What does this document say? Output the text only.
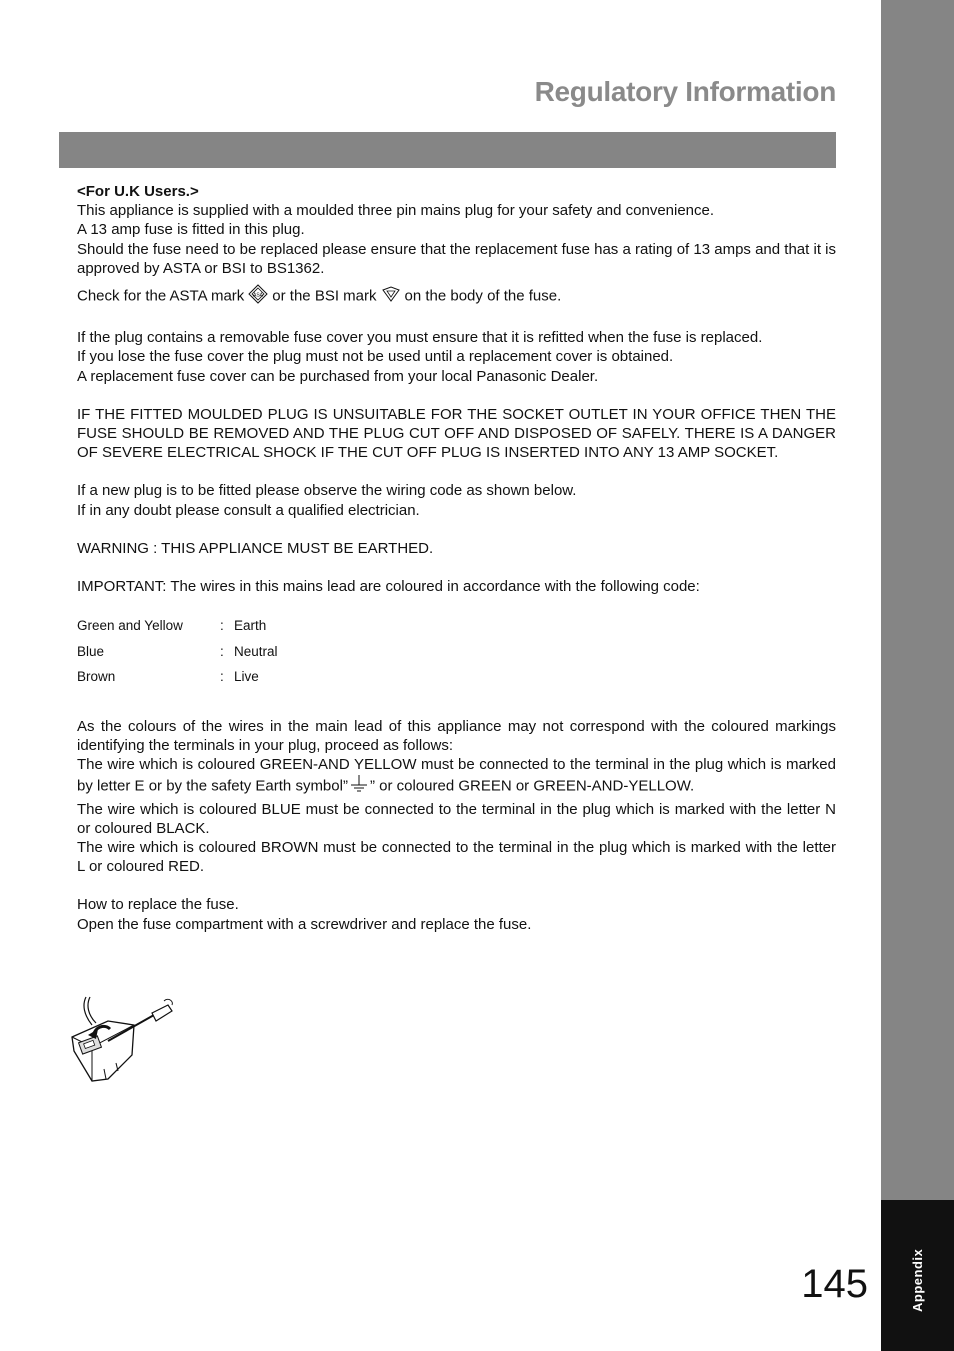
Appendix
145
Regulatory Information

<For U.K Users.>

This appliance is supplied with a moulded three pin mains plug for your safety and convenience.

A 13 amp fuse is fitted in this plug.

Should the fuse need to be replaced please ensure that the replacement fuse has a rating of 13 amps and that it is approved by ASTA or BSI to BS1362.

Check for the ASTA mark ASA or the BSI mark on the body of the fuse.

If the plug contains a removable fuse cover you must ensure that it is refitted when the fuse is replaced.

If you lose the fuse cover the plug must not be used until a replacement cover is obtained.

A replacement fuse cover can be purchased from your local Panasonic Dealer.

IF THE FITTED MOULDED PLUG IS UNSUITABLE FOR THE SOCKET OUTLET IN YOUR OFFICE THEN THE FUSE SHOULD BE REMOVED AND THE PLUG CUT OFF AND DISPOSED OF SAFELY. THERE IS A DANGER OF SEVERE ELECTRICAL SHOCK IF THE CUT OFF PLUG IS INSERTED INTO ANY 13 AMP SOCKET.

If a new plug is to be fitted please observe the wiring code as shown below.

If in any doubt please consult a qualified electrician.

WARNING : THIS APPLIANCE MUST BE EARTHED.

IMPORTANT: The wires in this mains lead are coloured in accordance with the following code:

Green and Yellow	: Earth
Blue	: Neutral
Brown	: Live

As the colours of the wires in the main lead of this appliance may not correspond with the coloured markings identifying the terminals in your plug, proceed as follows:

The wire which is coloured GREEN-AND YELLOW must be connected to the terminal in the plug which is marked by letter E or by the safety Earth symbol” ” or coloured GREEN or GREEN-AND-YELLOW.

The wire which is coloured BLUE must be connected to the terminal in the plug which is marked with the letter N or coloured BLACK.

The wire which is coloured BROWN must be connected to the terminal in the plug which is marked with the letter L or coloured RED.

How to replace the fuse.

Open the fuse compartment with a screwdriver and replace the fuse.
